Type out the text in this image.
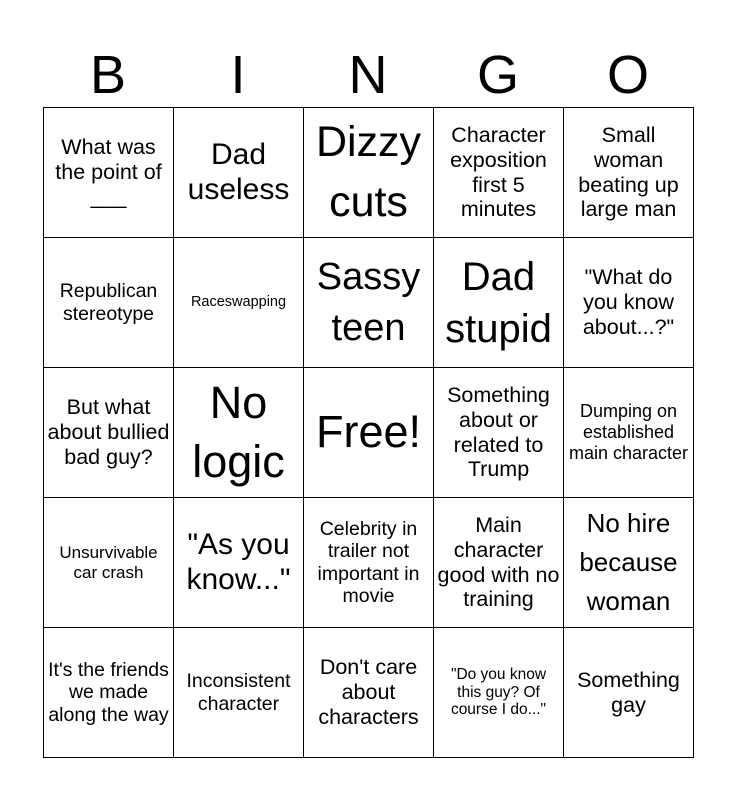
B	I	N	G	O
What was the point of ___	Dad useless	Dizzy cuts	Character exposition first 5 minutes	Small woman beating up large man
Republican stereotype	Raceswapping	Sassy teen	Dad stupid	"What do you know about...?"
But what about bullied bad guy?	No logic	Free!	Something about or related to Trump	Dumping on established main character
Unsurvivable car crash	"As you know..."	Celebrity in trailer not important in movie	Main character good with no training	No hire because woman
It's the friends we made along the way	Inconsistent character	Don't care about characters	"Do you know this guy? Of course I do..."	Something gay
